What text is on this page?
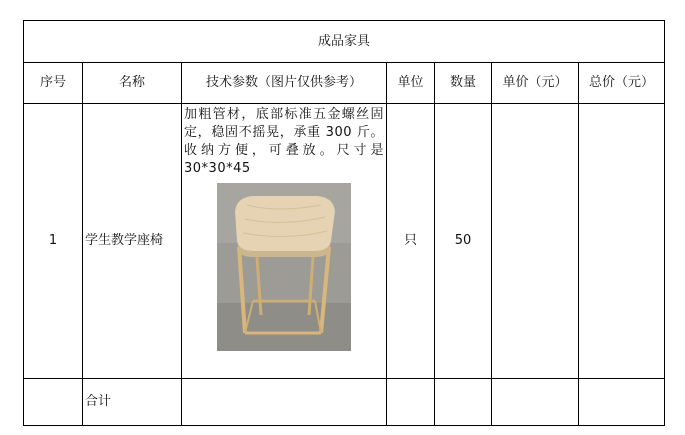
成品家具						
序号	名称	技术参数（图片仅供参考）	单位	数量	单价（元）	总价（元）
1	学生教学座椅	加粗管材，底部标准五金螺丝固定，稳固不摇晃，承重 300 斤。收纳方便，可叠放。尺寸是 30*30*45	只	50		
	合计					
